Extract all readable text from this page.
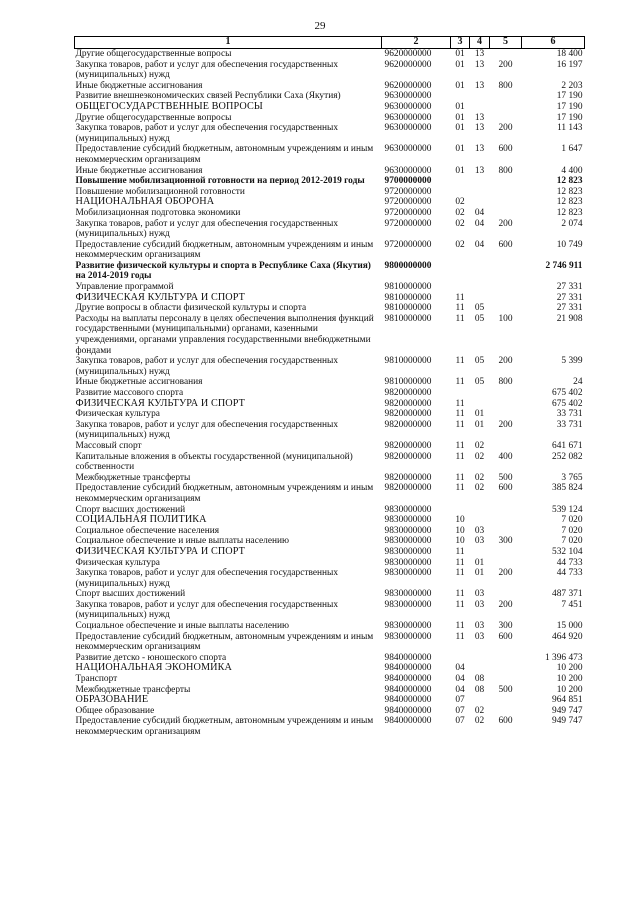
29
1	2	3	4	5	6
Другие общегосударственные вопросы	9620000000	01	13		18 400
Закупка товаров, работ и услуг для обеспечения государственных (муниципальных) нужд	9620000000	01	13	200	16 197
Иные бюджетные ассигнования	9620000000	01	13	800	2 203
Развитие внешнеэкономических связей Республики Саха (Якутия)	9630000000				17 190
ОБЩЕГОСУДАРСТВЕННЫЕ ВОПРОСЫ	9630000000	01			17 190
Другие общегосударственные вопросы	9630000000	01	13		17 190
Закупка товаров, работ и услуг для обеспечения государственных (муниципальных) нужд	9630000000	01	13	200	11 143
Предоставление субсидий бюджетным, автономным учреждениям и иным некоммерческим организациям	9630000000	01	13	600	1 647
Иные бюджетные ассигнования	9630000000	01	13	800	4 400
Повышение мобилизационной готовности на период 2012-2019 годы	9700000000				12 823
Повышение мобилизационной готовности	9720000000				12 823
НАЦИОНАЛЬНАЯ ОБОРОНА	9720000000	02			12 823
Мобилизационная подготовка экономики	9720000000	02	04		12 823
Закупка товаров, работ и услуг для обеспечения государственных (муниципальных) нужд	9720000000	02	04	200	2 074
Предоставление субсидий бюджетным, автономным учреждениям и иным некоммерческим организациям	9720000000	02	04	600	10 749
Развитие физической культуры и спорта в Республике Саха (Якутия) на 2014-2019 годы	9800000000				2 746 911
Управление программой	9810000000				27 331
ФИЗИЧЕСКАЯ КУЛЬТУРА И СПОРТ	9810000000	11			27 331
Другие вопросы в области физической культуры и спорта	9810000000	11	05		27 331
Расходы на выплаты персоналу в целях обеспечения выполнения функций государственными (муниципальными) органами, казенными учреждениями, органами управления государственными внебюджетными фондами	9810000000	11	05	100	21 908
Закупка товаров, работ и услуг для обеспечения государственных (муниципальных) нужд	9810000000	11	05	200	5 399
Иные бюджетные ассигнования	9810000000	11	05	800	24
Развитие массового спорта	9820000000				675 402
ФИЗИЧЕСКАЯ КУЛЬТУРА И СПОРТ	9820000000	11			675 402
Физическая культура	9820000000	11	01		33 731
Закупка товаров, работ и услуг для обеспечения государственных (муниципальных) нужд	9820000000	11	01	200	33 731
Массовый спорт	9820000000	11	02		641 671
Капитальные вложения в объекты государственной (муниципальной) собственности	9820000000	11	02	400	252 082
Межбюджетные трансферты	9820000000	11	02	500	3 765
Предоставление субсидий бюджетным, автономным учреждениям и иным некоммерческим организациям	9820000000	11	02	600	385 824
Спорт высших достижений	9830000000				539 124
СОЦИАЛЬНАЯ ПОЛИТИКА	9830000000	10			7 020
Социальное обеспечение населения	9830000000	10	03		7 020
Социальное обеспечение и иные выплаты населению	9830000000	10	03	300	7 020
ФИЗИЧЕСКАЯ КУЛЬТУРА И СПОРТ	9830000000	11			532 104
Физическая культура	9830000000	11	01		44 733
Закупка товаров, работ и услуг для обеспечения государственных (муниципальных) нужд	9830000000	11	01	200	44 733
Спорт высших достижений	9830000000	11	03		487 371
Закупка товаров, работ и услуг для обеспечения государственных (муниципальных) нужд	9830000000	11	03	200	7 451
Социальное обеспечение и иные выплаты населению	9830000000	11	03	300	15 000
Предоставление субсидий бюджетным, автономным учреждениям и иным некоммерческим организациям	9830000000	11	03	600	464 920
Развитие детско - юношеского спорта	9840000000				1 396 473
НАЦИОНАЛЬНАЯ ЭКОНОМИКА	9840000000	04			10 200
Транспорт	9840000000	04	08		10 200
Межбюджетные трансферты	9840000000	04	08	500	10 200
ОБРАЗОВАНИЕ	9840000000	07			964 851
Общее образование	9840000000	07	02		949 747
Предоставление субсидий бюджетным, автономным учреждениям и иным некоммерческим организациям	9840000000	07	02	600	949 747
